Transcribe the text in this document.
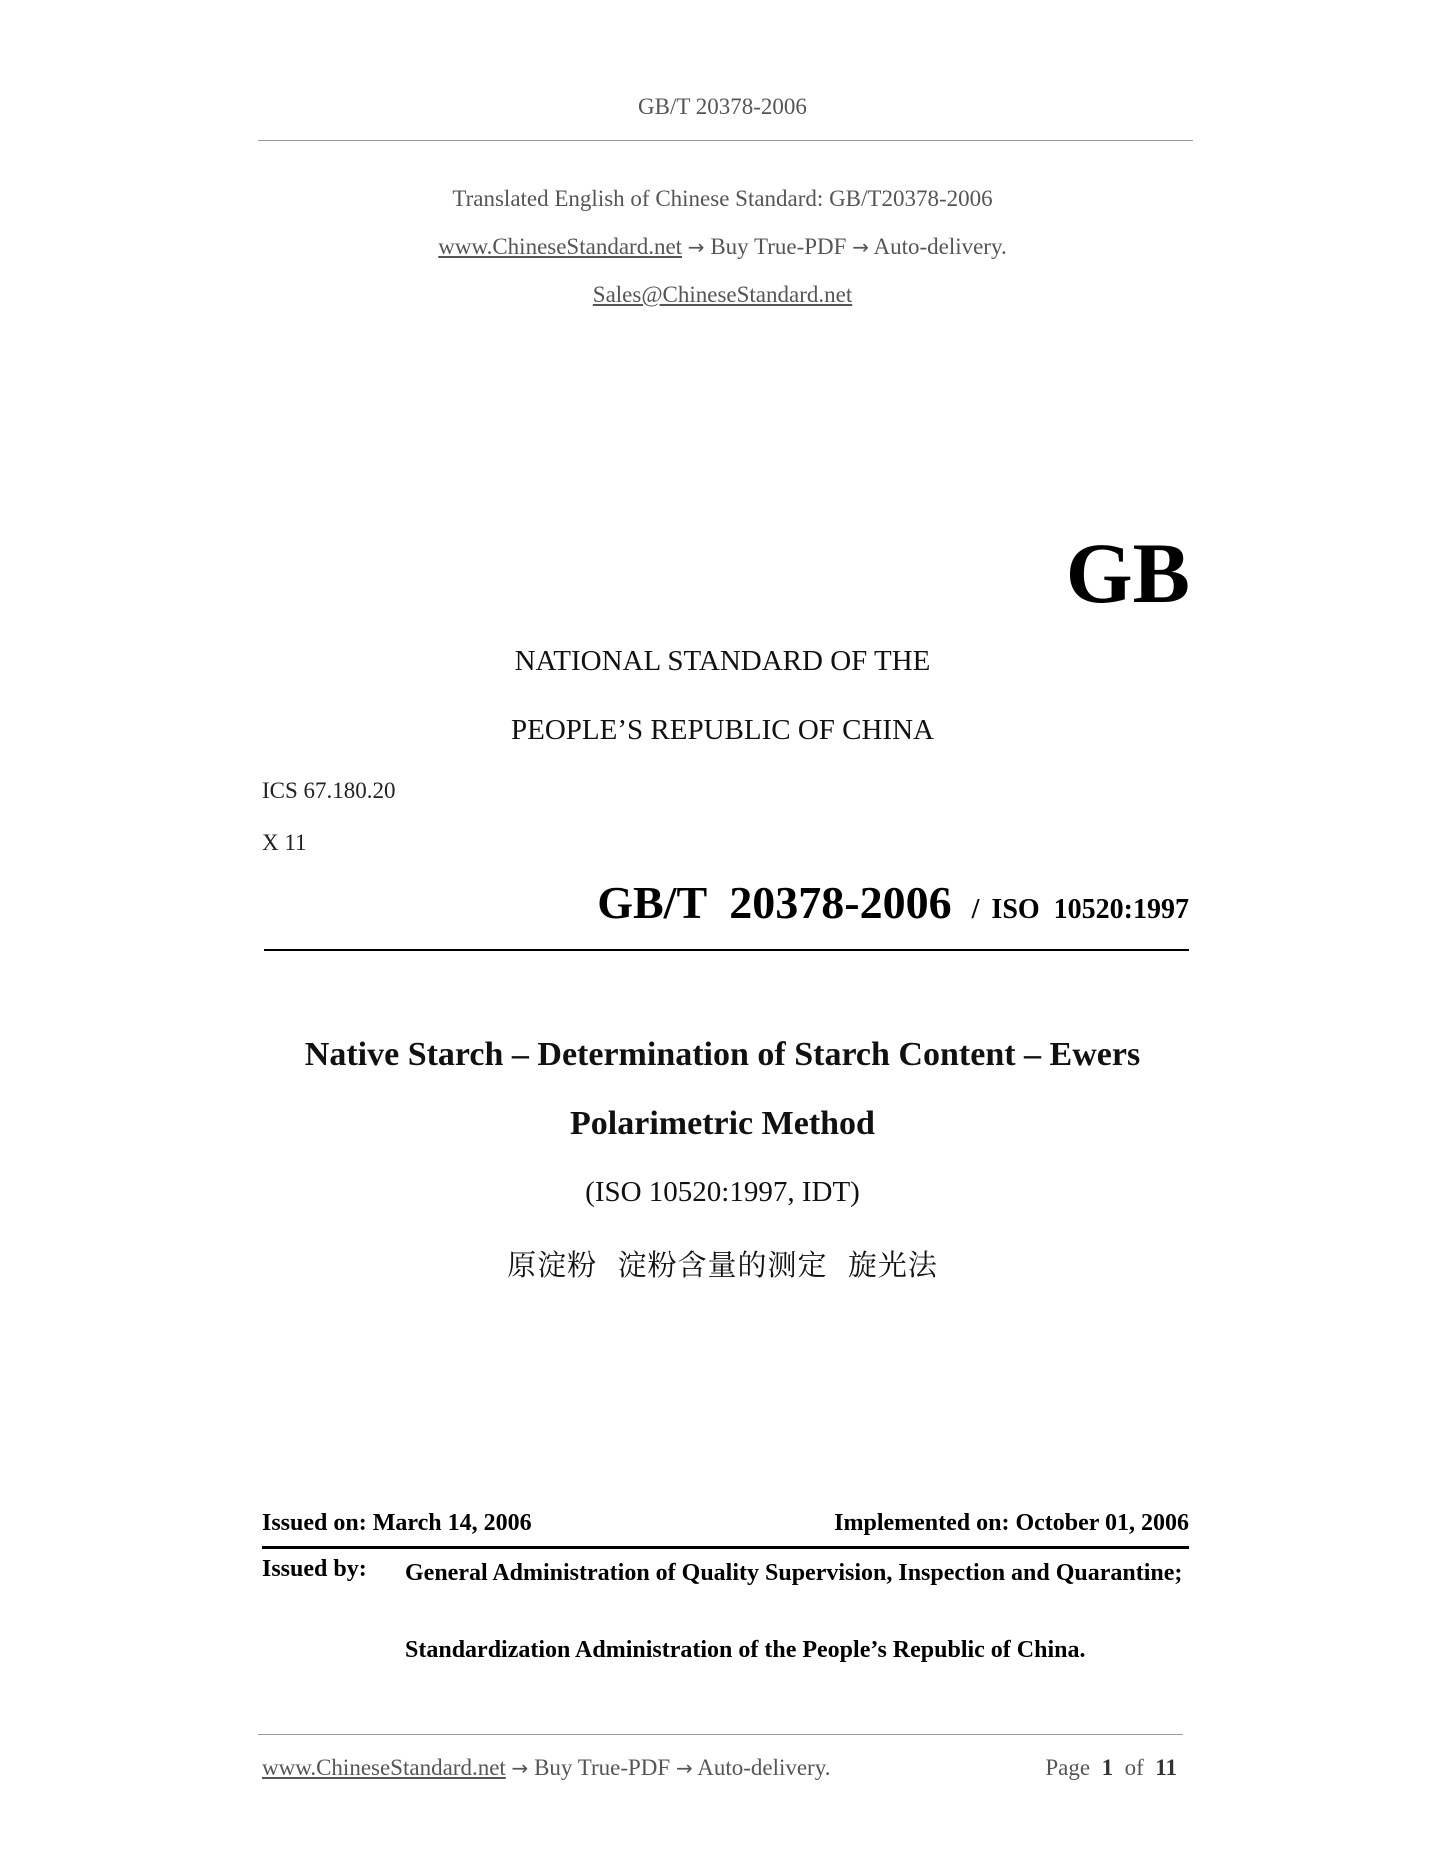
GB/T 20378-2006
Translated English of Chinese Standard: GB/T20378-2006
www.ChineseStandard.net → Buy True-PDF → Auto-delivery.
Sales@ChineseStandard.net
GB
NATIONAL STANDARD OF THE
PEOPLE’S REPUBLIC OF CHINA
ICS 67.180.20
X 11
GB/T  20378-2006 / ISO  10520:1997
Native Starch – Determination of Starch Content – Ewers
Polarimetric Method
(ISO 10520:1997, IDT)
原淀粉  淀粉含量的测定  旋光法
Issued on: March 14, 2006	Implemented on: October 01, 2006
Issued by: General Administration of Quality Supervision, Inspection and Quarantine;
Standardization Administration of the People’s Republic of China.
www.ChineseStandard.net → Buy True-PDF → Auto-delivery.	Page 1 of 11
